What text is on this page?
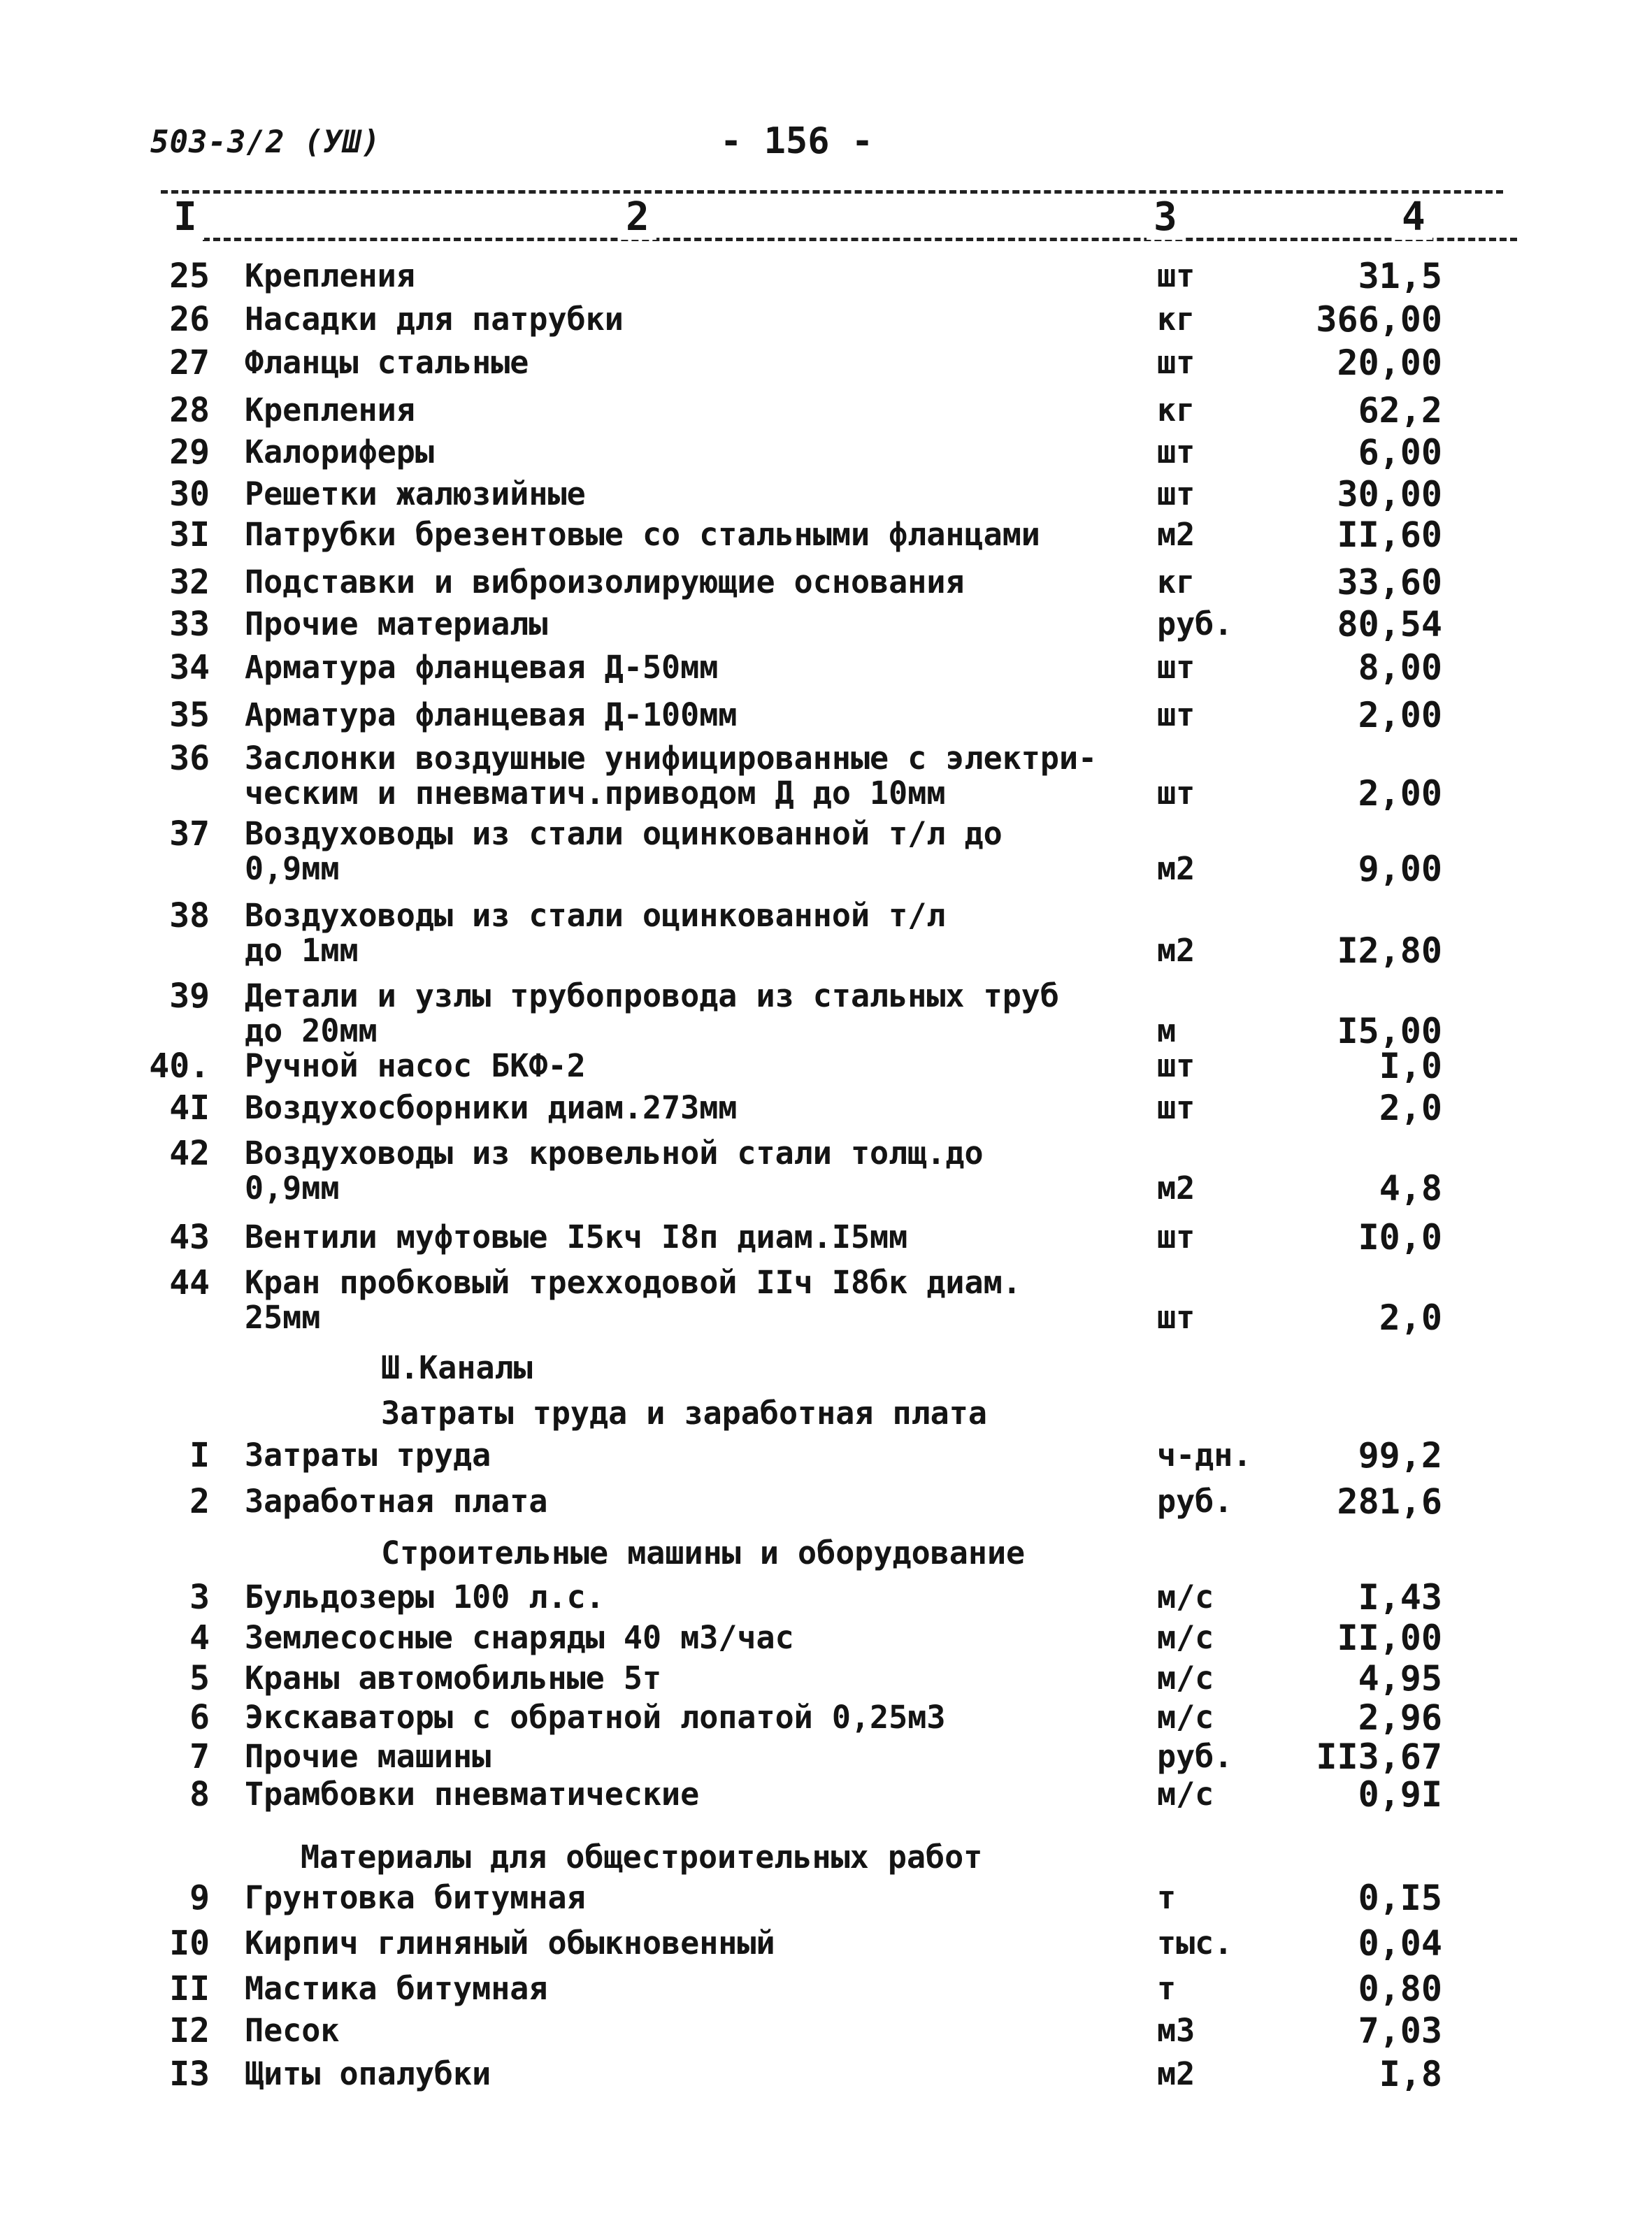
503-3/2 (УШ)	- 156 -
I	2	3	4
25 Крепления	шт	31,5
26 Насадки для патрубки	кг	366,00
27 Фланцы стальные	шт	20,00
28 Крепления	кг	62,2
29 Калориферы	шт	6,00
30 Решетки жалюзийные	шт	30,00
3I Патрубки брезентовые со стальными фланцами	м2	II,60
32 Подставки и виброизолирующие основания	кг	33,60
33 Прочие материалы	руб.	80,54
34 Арматура фланцевая Д-50мм	шт	8,00
35 Арматура фланцевая Д-100мм	шт	2,00
36 Заслонки воздушные унифицированные с электри-
ческим и пневматич.приводом Д до 10мм	шт	2,00
37 Воздуховоды из стали оцинкованной т/л до
0,9мм	м2	9,00
38 Воздуховоды из стали оцинкованной т/л
до 1мм	м2	I2,80
39 Детали и узлы трубопровода из стальных труб
до 20мм	м	I5,00
40. Ручной насос БКФ-2	шт	I,0
4I Воздухосборники диам.273мм	шт	2,0
42 Воздуховоды из кровельной стали толщ.до
0,9мм	м2	4,8
43 Вентили муфтовые I5кч I8п диам.I5мм	шт	I0,0
44 Кран пробковый трехходовой IIч I8бк диам.
25мм	шт	2,0
Ш.Каналы
Затраты труда и заработная плата
I Затраты труда	ч-дн.	99,2
2 Заработная плата	руб.	281,6
Строительные машины и оборудование
3 Бульдозеры 100 л.с.	м/с	I,43
4 Землесосные снаряды 40 м3/час	м/с	II,00
5 Краны автомобильные 5т	м/с	4,95
6 Экскаваторы с обратной лопатой 0,25м3	м/с	2,96
7 Прочие машины	руб. II3,67
8 Трамбовки пневматические	м/с	0,9I
Материалы для общестроительных работ
9 Грунтовка битумная	т	0,I5
I0 Кирпич глиняный обыкновенный	тыс.	0,04
II Мастика битумная	т	0,80
I2 Песок	м3	7,03
I3 Щиты опалубки	м2	I,8
